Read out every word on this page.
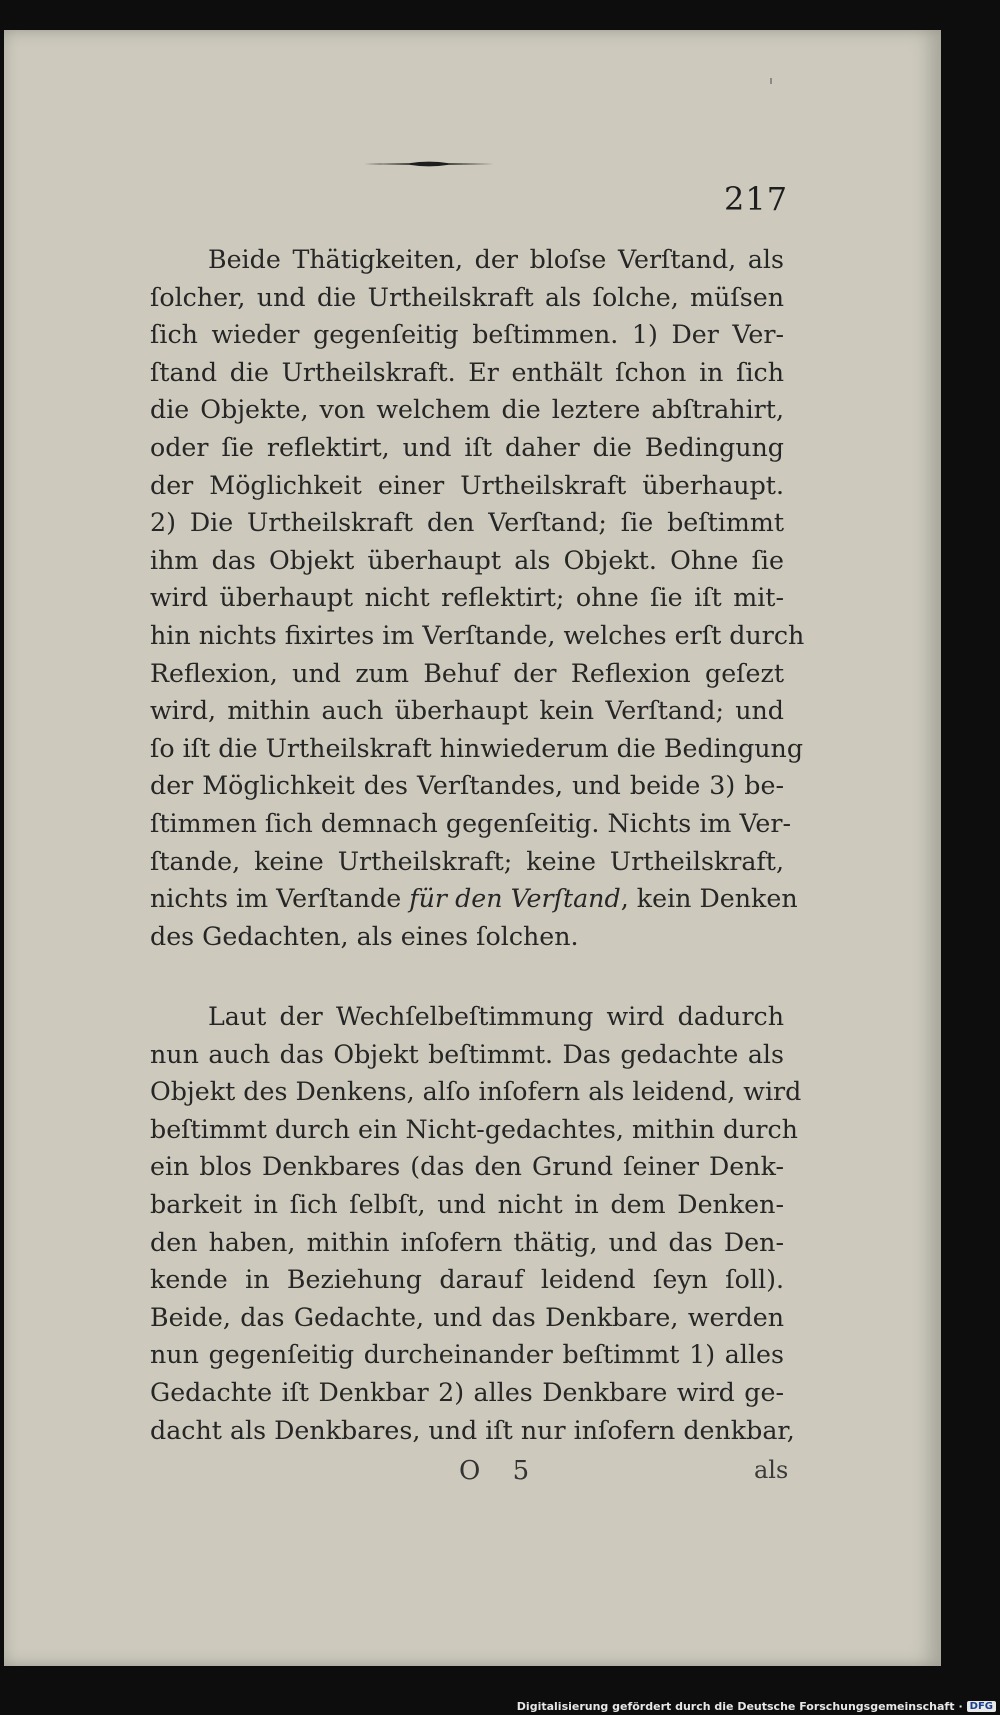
217

Beide Thätigkeiten, der bloſse Verſtand, als
ſolcher, und die Urtheilskraft als ſolche, müſsen
ſich wieder gegenſeitig beſtimmen. 1) Der Ver-
ſtand die Urtheilskraft. Er enthält ſchon in ſich
die Objekte, von welchem die leztere abſtrahirt,
oder ſie reflektirt, und iſt daher die Bedingung
der Möglichkeit einer Urtheilskraft überhaupt.
2) Die Urtheilskraft den Verſtand; ſie beſtimmt
ihm das Objekt überhaupt als Objekt. Ohne ſie
wird überhaupt nicht reflektirt; ohne ſie iſt mit-
hin nichts fixirtes im Verſtande, welches erſt durch
Reflexion, und zum Behuf der Reflexion geſezt
wird, mithin auch überhaupt kein Verſtand; und
ſo iſt die Urtheilskraft hinwiederum die Bedingung
der Möglichkeit des Verſtandes, und beide 3) be-
ſtimmen ſich demnach gegenſeitig. Nichts im Ver-
ſtande, keine Urtheilskraft; keine Urtheilskraft,
nichts im Verſtande für den Verſtand, kein Denken
des Gedachten, als eines ſolchen.

Laut der Wechſelbeſtimmung wird dadurch
nun auch das Objekt beſtimmt. Das gedachte als
Objekt des Denkens, alſo inſofern als leidend, wird
beſtimmt durch ein Nicht-gedachtes, mithin durch
ein blos Denkbares (das den Grund ſeiner Denk-
barkeit in ſich ſelbſt, und nicht in dem Denken-
den haben, mithin inſofern thätig, und das Den-
kende in Beziehung darauf leidend ſeyn ſoll).
Beide, das Gedachte, und das Denkbare, werden
nun gegenſeitig durcheinander beſtimmt 1) alles
Gedachte iſt Denkbar 2) alles Denkbare wird ge-
dacht als Denkbares, und iſt nur inſofern denkbar,

O 5	als
Digitalisierung gefördert durch die Deutsche Forschungsgemeinschaft · DFG
